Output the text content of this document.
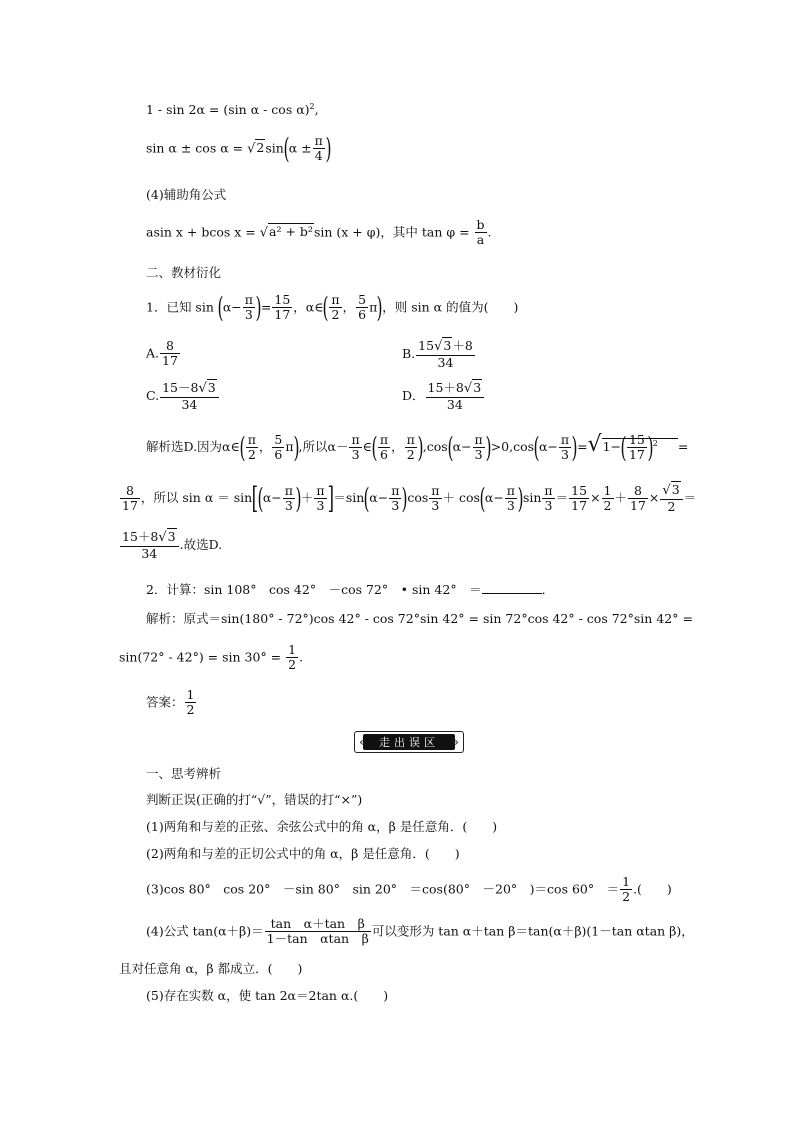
1 - sin 2α = (sin α - cos α)$^2$,
$\sin \alpha \pm \cos \alpha = √2\sin(\alpha \pm \frac{\pi}{4}$ )
(4)辅助角公式
asin x + bcos x = √a² + b²sin (x + φ)，其中 $\tan \varphi = \frac{b}{a}$ .
二、教材衍化
1．已知 $\sin (\alpha- \frac{\pi}{3}$ )= $\frac{15}{17}$ ，α∈( $\frac{\pi}{2}$ ， $\frac{5}{6} \pi$)，则 sin α 的值为(　　)
A. $\frac{8}{17}$	B. $\frac{15√3+8}{34}$
C. $\frac{15-8√3}{34}$	D． $\frac{15+8√3}{34}$
解析选D.因为α∈( $\frac{\pi}{2}$ ， $\frac{5}{6} \pi$),所以$\alpha- \frac{\pi}{3}$ ∈( $\frac{\pi}{6}$ ， $\frac{\pi}{2} ),\cos(\alpha- \frac{\pi}{3} )>0,\cos(\alpha- \frac{\pi}{3} )=√1-( \frac{15}{17} )^2$ =
$\frac{8}{17}$ ，所以 $\sin \alpha = \sin[(\alpha- \frac{\pi}{3}$ )＋ $\frac{\pi}{3} ]=\sin(\alpha- \frac{\pi}{3} )\cos \frac{\pi}{3} + \cos(\alpha- \frac{\pi}{3} )\sin \frac{\pi}{3} = \frac{15}{17} \times \frac{1}{2} + \frac{8}{17} \times \frac{√3}{2}$ ＝
$\frac{15+8√3}{34}$ .故选D.
2．计算：sin 108°　cos 42°　－cos 72°　• sin 42°　＝	．
解析：原式＝sin(180° - 72°)cos 42° - cos 72°sin 42° = sin 72°cos 42° - cos 72°sin 42° =
$\sin(72^\circ - 42^\circ) = \sin 30^\circ = \frac{1}{2}$ .
答案： $\frac{1}{2}$
«	走出误区	»
一、思考辨析
判断正误(正确的打“√”，错误的打“×”)
(1)两角和与差的正弦、余弦公式中的角 α，β 是任意角．(　　)
(2)两角和与差的正切公式中的角 α，β 是任意角．(　　)
(3)cos 80°　cos 20°　－sin 80°　sin 20°　＝cos(80°　－20°　)＝cos 60°　＝ $\frac{1}{2}$ .(　　)
(4)公式 $\tan(\alpha+\beta)= \frac{\text{tan　α＋tan　β}}{\text{1－tan　αtan　β}}$ 可以变形为 tan α＋tan β＝tan(α＋β)(1－tan αtan β)，
且对任意角 α，β 都成立．(　　)
(5)存在实数 α，使 tan 2α＝2tan α.(　　)
